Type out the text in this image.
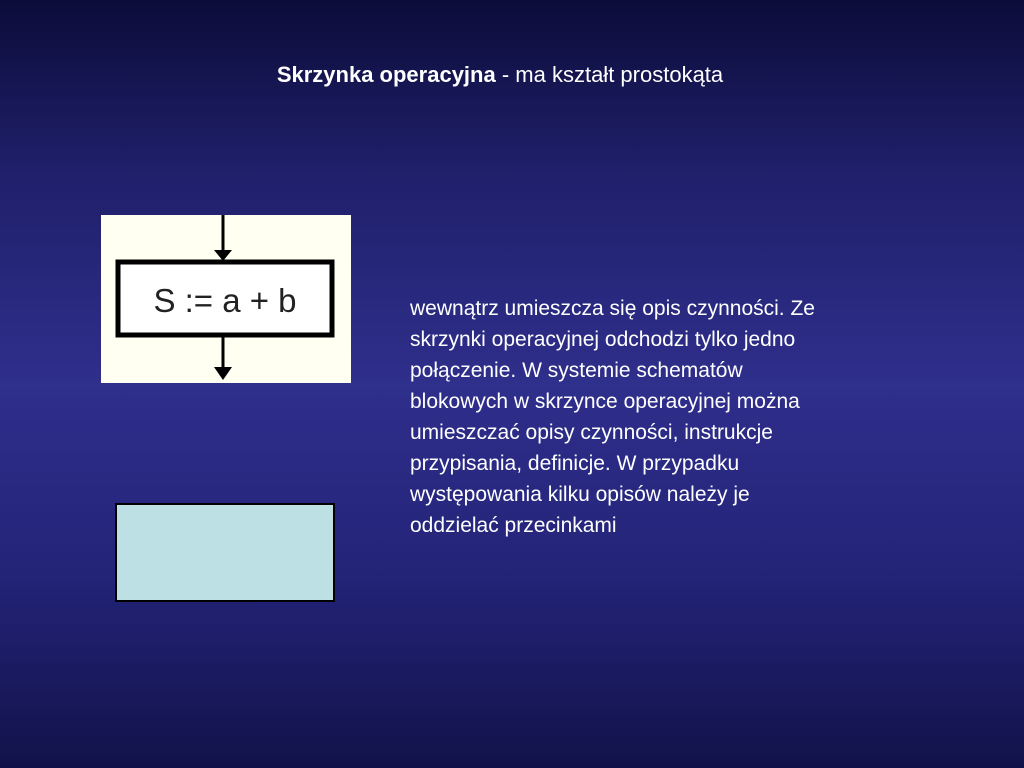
Skrzynka operacyjna - ma kształt prostokąta
S := a + b	wewnątrz umieszcza się opis czynności. Ze
skrzynki operacyjnej odchodzi tylko jedno
połączenie. W systemie schematów
blokowych w skrzynce operacyjnej można
umieszczać opisy czynności, instrukcje
przypisania, definicje. W przypadku
występowania kilku opisów należy je
oddzielać przecinkami
